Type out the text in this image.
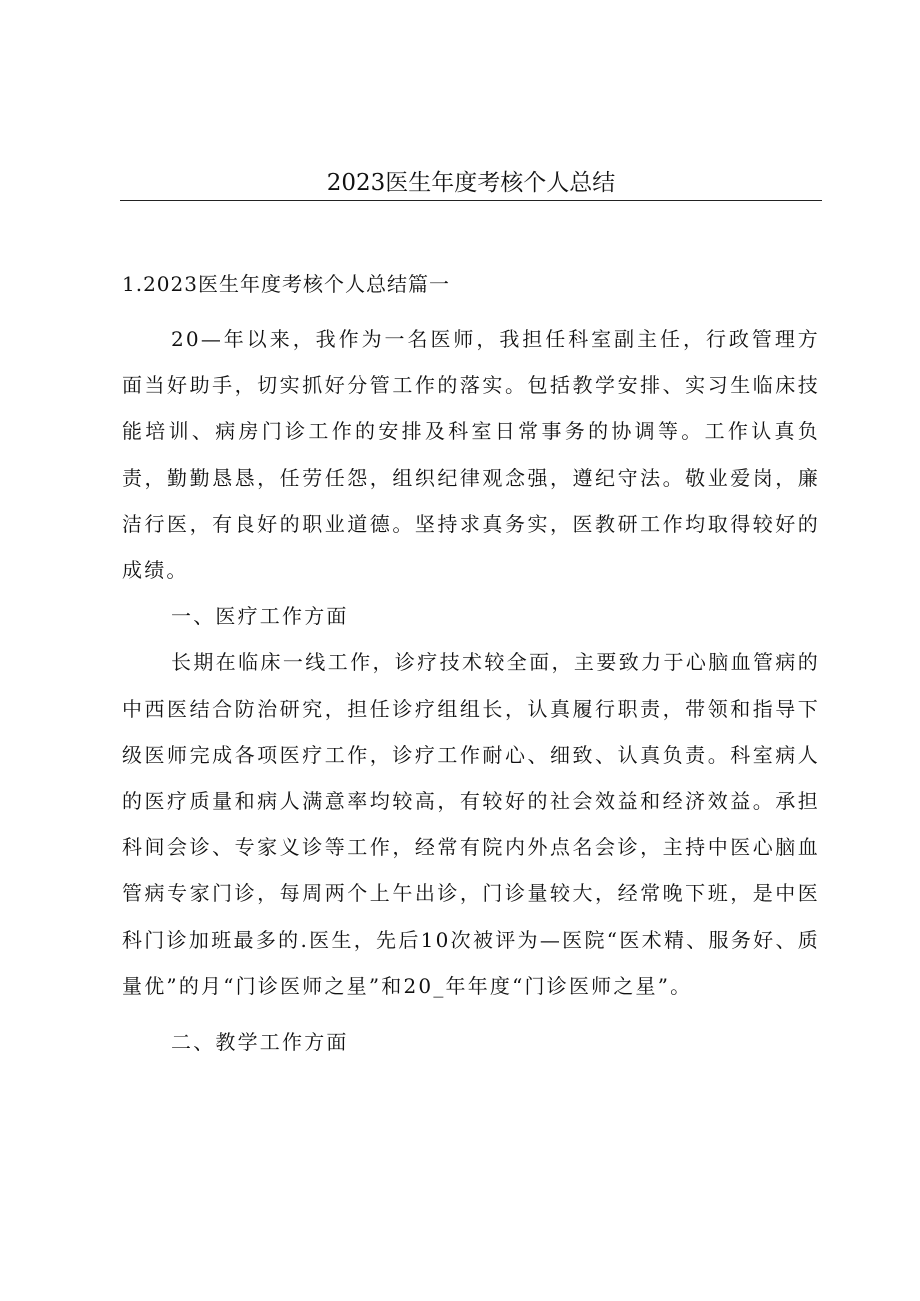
2023医生年度考核个人总结

1.2023医生年度考核个人总结篇一

20—年以来，我作为一名医师，我担任科室副主任，行政管理方面当好助手，切实抓好分管工作的落实。包括教学安排、实习生临床技能培训、病房门诊工作的安排及科室日常事务的协调等。工作认真负责，勤勤恳恳，任劳任怨，组织纪律观念强，遵纪守法。敬业爱岗，廉洁行医，有良好的职业道德。坚持求真务实，医教研工作均取得较好的成绩。

一、医疗工作方面

长期在临床一线工作，诊疗技术较全面，主要致力于心脑血管病的中西医结合防治研究，担任诊疗组组长，认真履行职责，带领和指导下级医师完成各项医疗工作，诊疗工作耐心、细致、认真负责。科室病人的医疗质量和病人满意率均较高，有较好的社会效益和经济效益。承担科间会诊、专家义诊等工作，经常有院内外点名会诊，主持中医心脑血管病专家门诊，每周两个上午出诊，门诊量较大，经常晚下班，是中医科门诊加班最多的.医生，先后10次被评为—医院“医术精、服务好、质量优”的月“门诊医师之星”和20_年年度“门诊医师之星”。

二、教学工作方面
